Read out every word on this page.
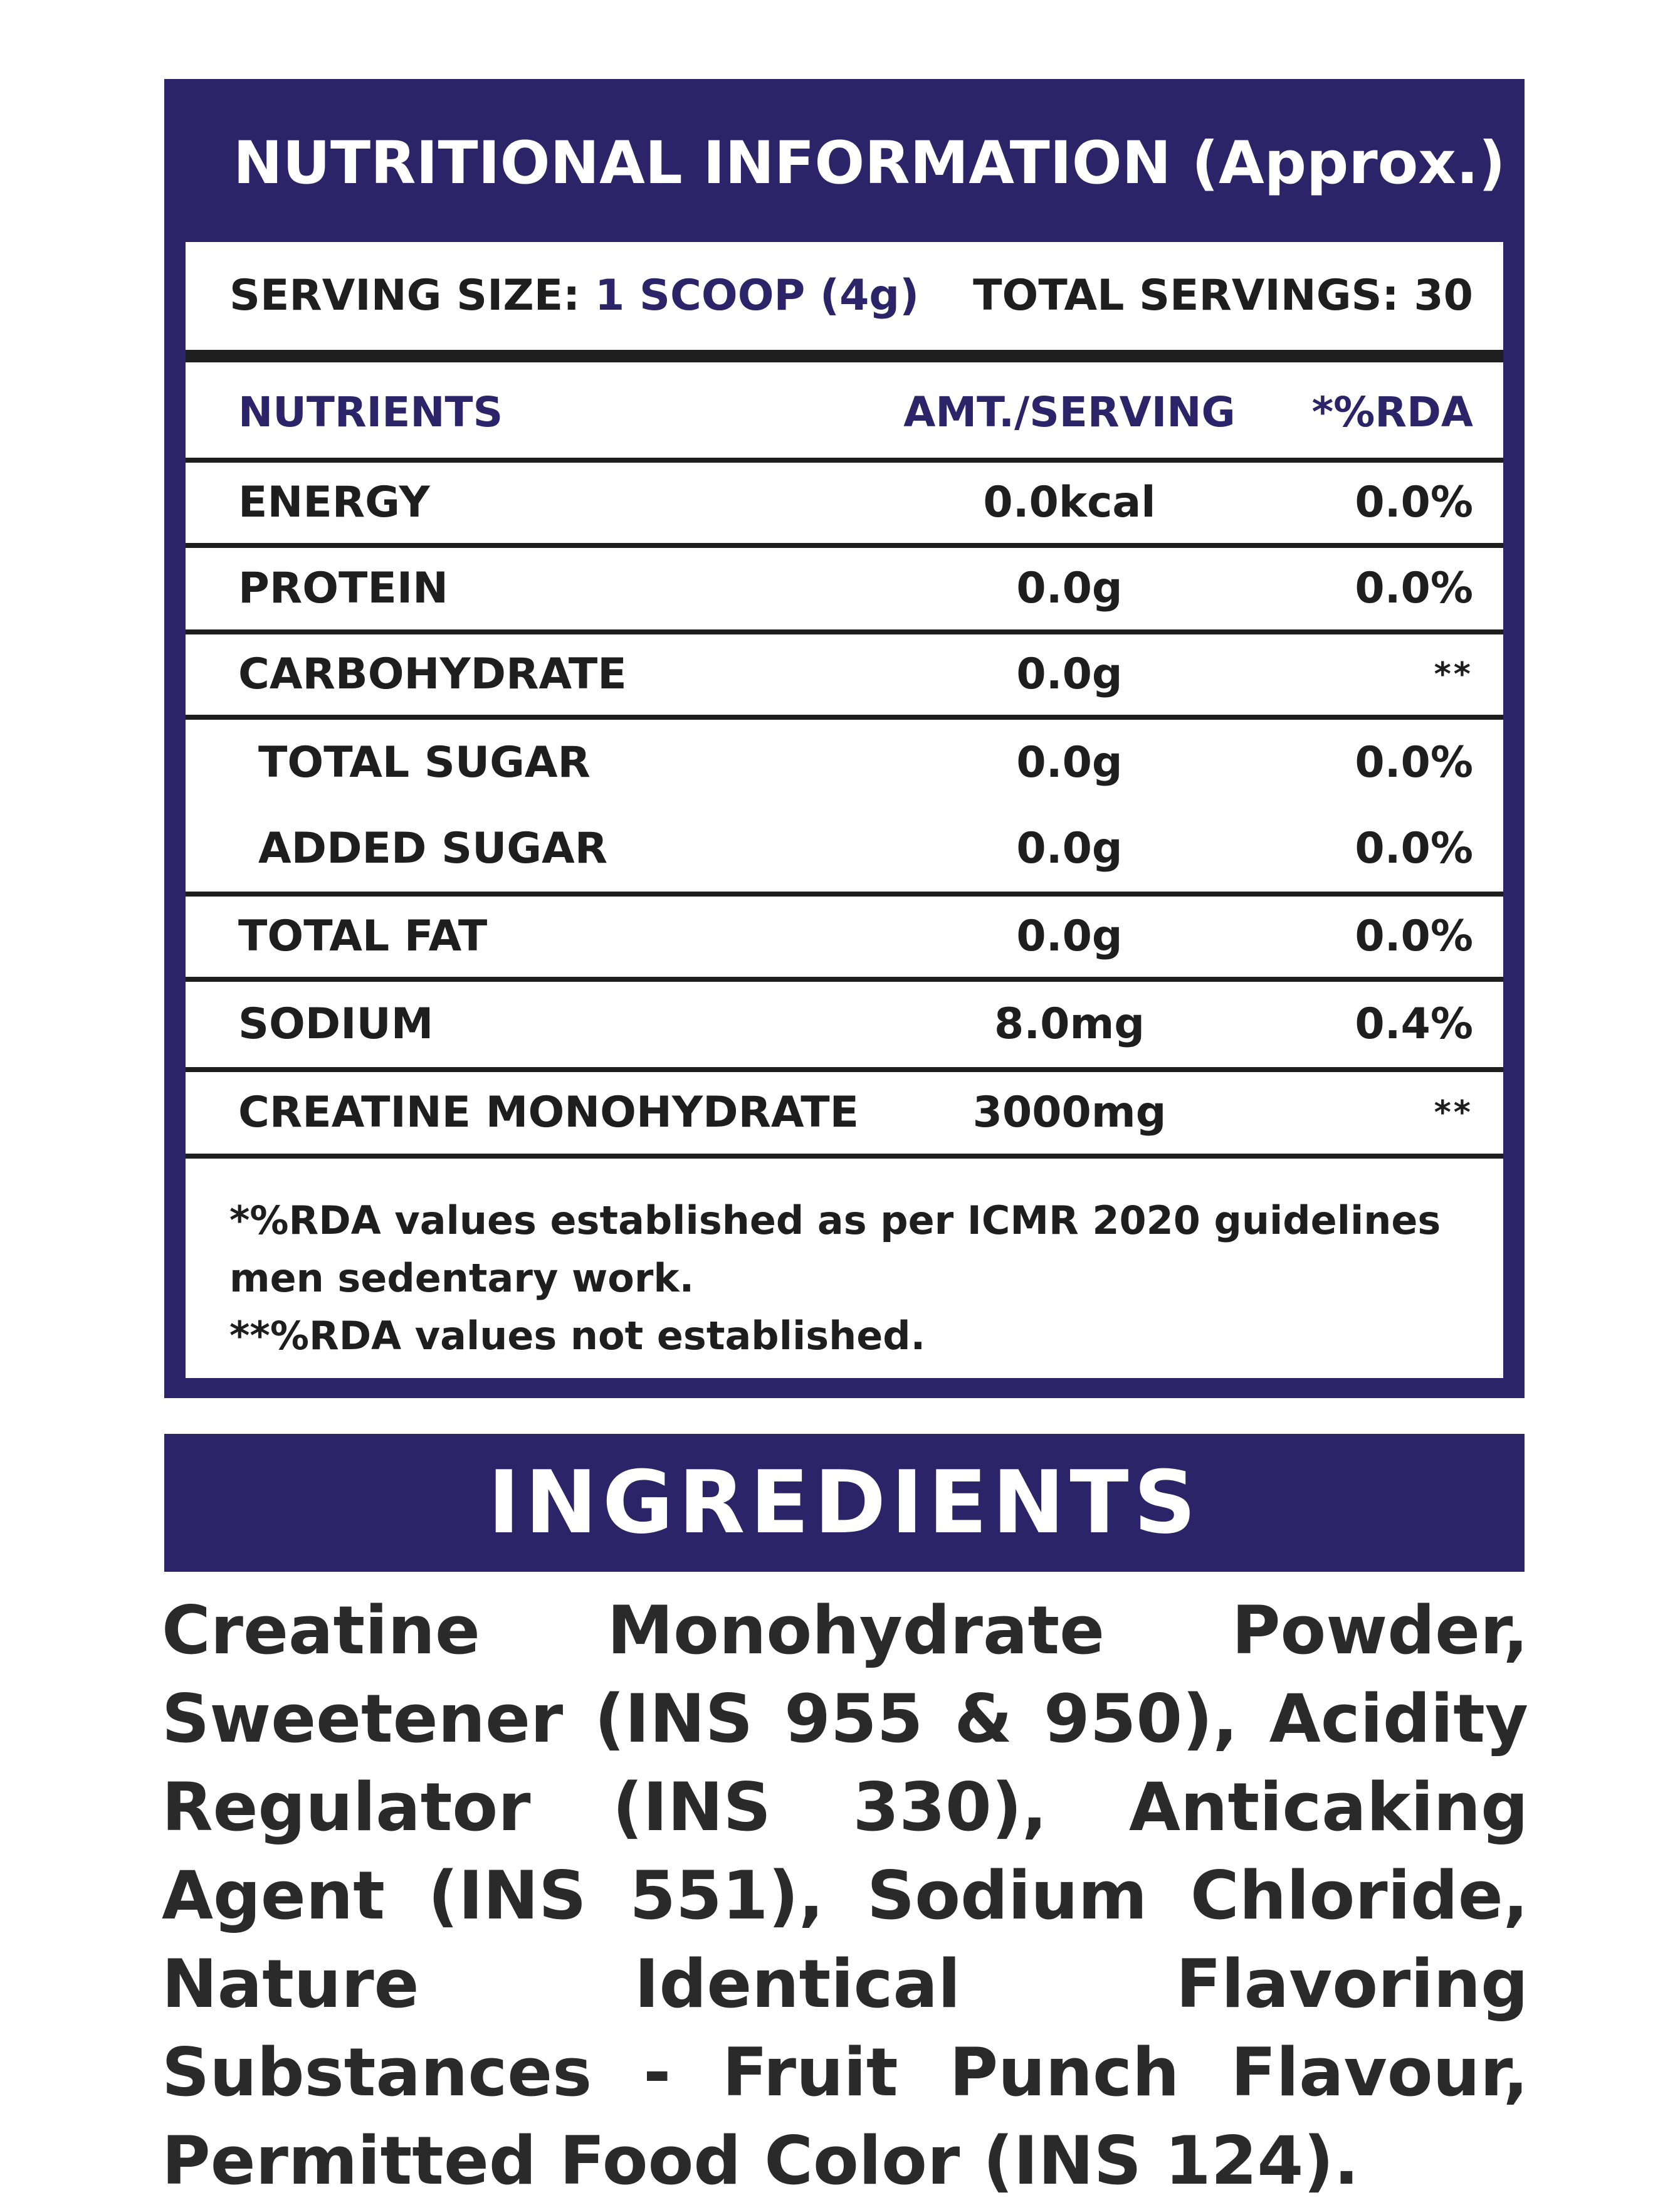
NUTRITIONAL INFORMATION (Approx.)
SERVING SIZE: 1 SCOOP (4g) TOTAL SERVINGS: 30
NUTRIENTS	AMT./SERVING *%RDA
ENERGY	0.0kcal	0.0%
PROTEIN	0.0g	0.0%
CARBOHYDRATE	0.0g	**
TOTAL SUGAR	0.0g	0.0%
ADDED SUGAR	0.0g	0.0%
TOTAL FAT	0.0g	0.0%
SODIUM	8.0mg	0.4%
CREATINE MONOHYDRATE	3000mg	**
*%RDA values established as per ICMR 2020 guidelines
men sedentary work.
**%RDA values not established.
INGREDIENTS
Creatine Monohydrate Powder, Sweetener (INS 955 & 950), Acidity Regulator (INS 330), Anticaking Agent (INS 551), Sodium Chloride, Nature Identical Flavoring Substances - Fruit Punch Flavour, Permitted Food Color (INS 124).
